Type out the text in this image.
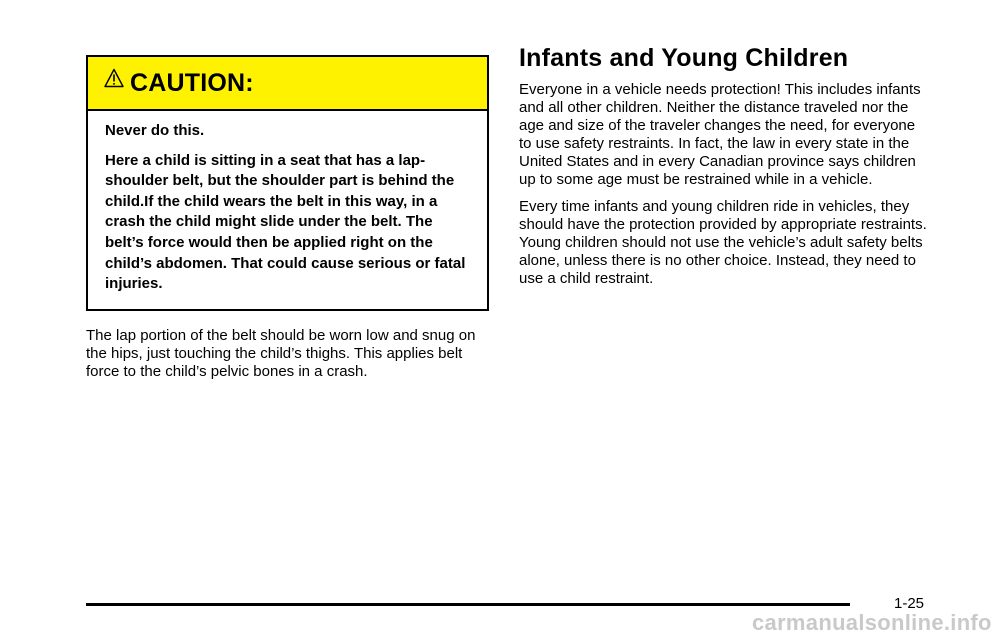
CAUTION:

Never do this.

Here a child is sitting in a seat that has a lap-shoulder belt, but the shoulder part is behind the child.If the child wears the belt in this way, in a crash the child might slide under the belt. The belt’s force would then be applied right on the child’s abdomen. That could cause serious or fatal injuries.

The lap portion of the belt should be worn low and snug on the hips, just touching the child’s thighs. This applies belt force to the child’s pelvic bones in a crash.

Infants and Young Children

Everyone in a vehicle needs protection! This includes infants and all other children. Neither the distance traveled nor the age and size of the traveler changes the need, for everyone to use safety restraints. In fact, the law in every state in the United States and in every Canadian province says children up to some age must be restrained while in a vehicle.

Every time infants and young children ride in vehicles, they should have the protection provided by appropriate restraints. Young children should not use the vehicle’s adult safety belts alone, unless there is no other choice. Instead, they need to use a child restraint.

1-25
carmanualsonline.info
